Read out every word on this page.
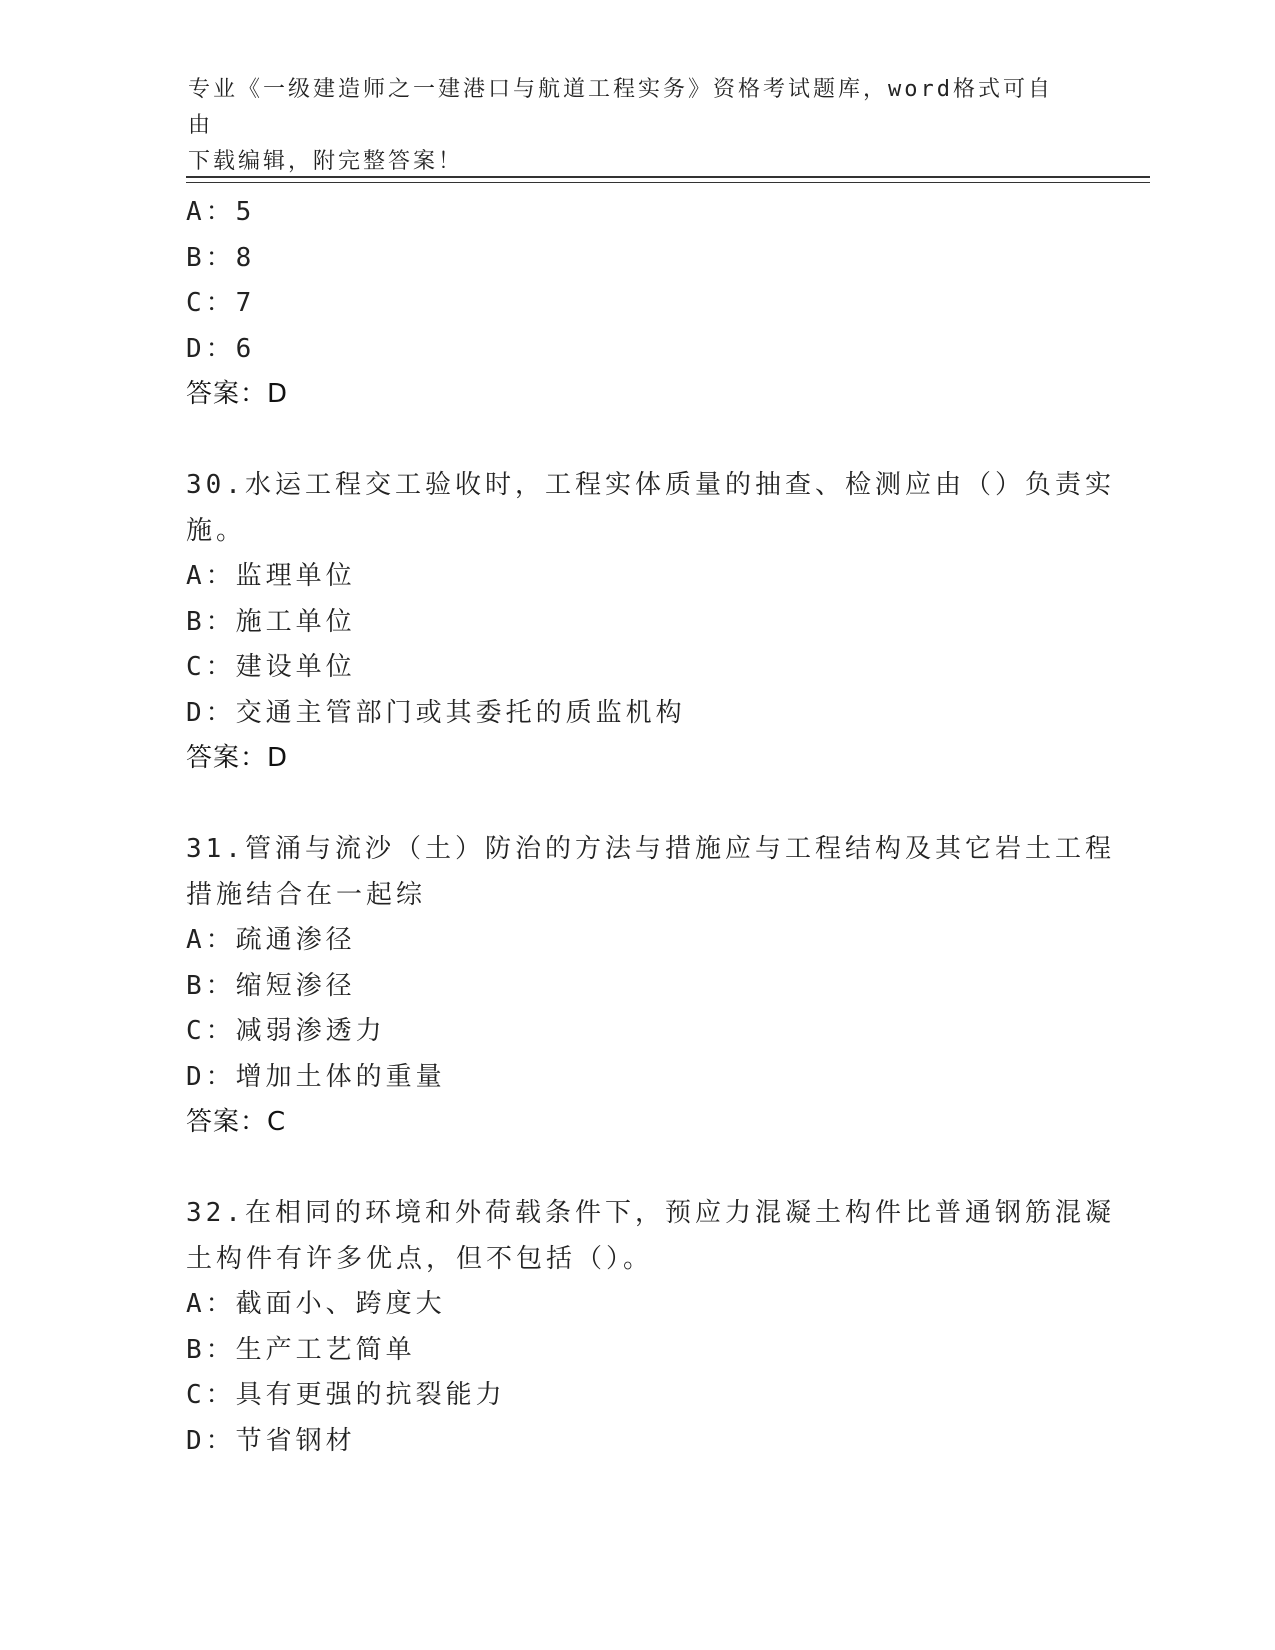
专业《一级建造师之一建港口与航道工程实务》资格考试题库，word格式可自由
下载编辑，附完整答案！
A：5
B：8
C：7
D：6
答案：D
30.水运工程交工验收时，工程实体质量的抽查、检测应由（）负责实
施。
A：监理单位
B：施工单位
C：建设单位
D：交通主管部门或其委托的质监机构
答案：D
31.管涌与流沙（土）防治的方法与措施应与工程结构及其它岩土工程
措施结合在一起综
A：疏通渗径
B：缩短渗径
C：减弱渗透力
D：增加土体的重量
答案：C
32.在相同的环境和外荷载条件下，预应力混凝土构件比普通钢筋混凝
土构件有许多优点，但不包括（）。
A：截面小、跨度大
B：生产工艺简单
C：具有更强的抗裂能力
D：节省钢材
